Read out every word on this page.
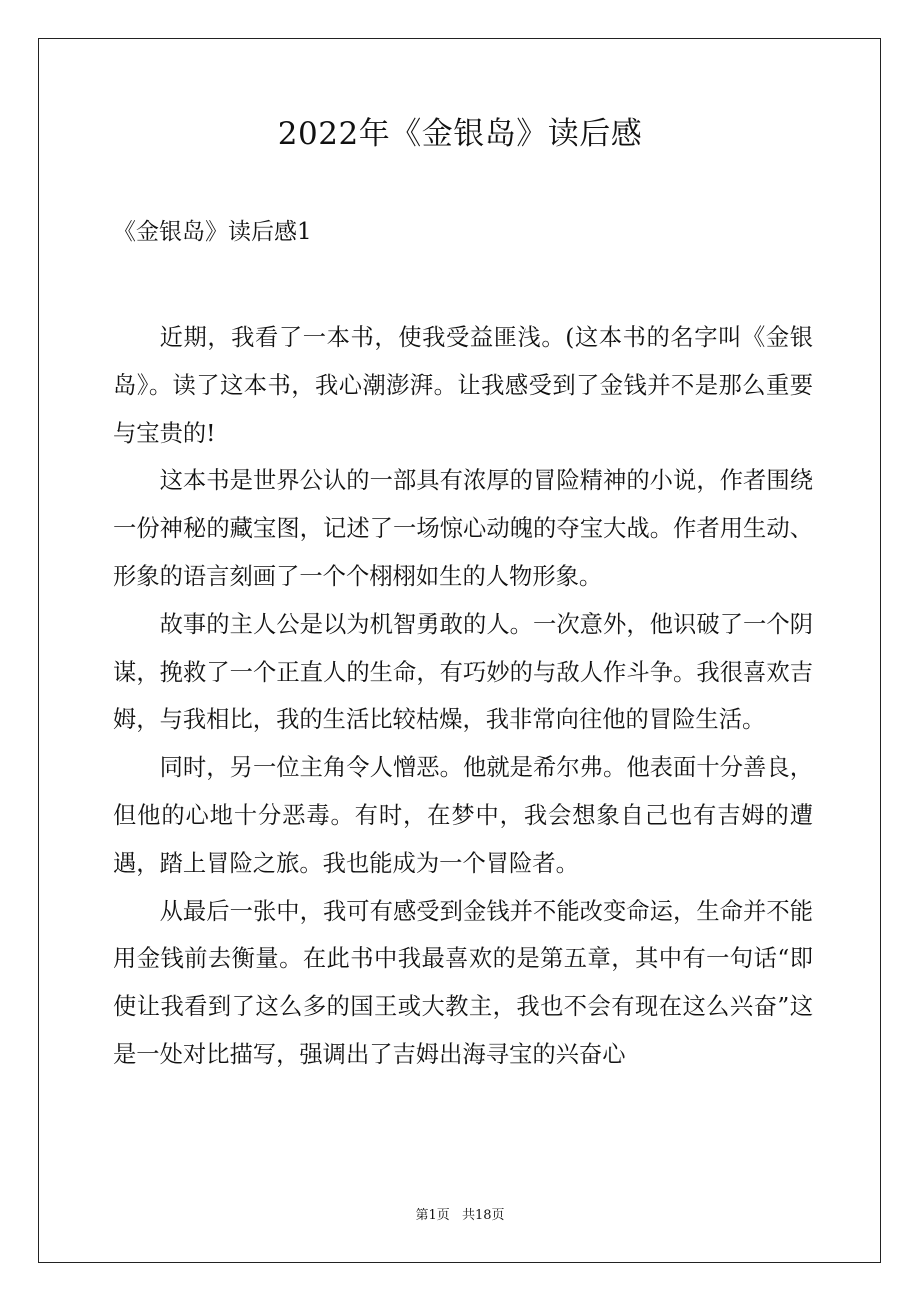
2022年《金银岛》读后感
《金银岛》读后感1

近期，我看了一本书，使我受益匪浅。(这本书的名字叫《金银岛》。读了这本书，我心潮澎湃。让我感受到了金钱并不是那么重要与宝贵的!

这本书是世界公认的一部具有浓厚的冒险精神的小说，作者围绕一份神秘的藏宝图，记述了一场惊心动魄的夺宝大战。作者用生动、形象的语言刻画了一个个栩栩如生的人物形象。

故事的主人公是以为机智勇敢的人。一次意外，他识破了一个阴谋，挽救了一个正直人的生命，有巧妙的与敌人作斗争。我很喜欢吉姆，与我相比，我的生活比较枯燥，我非常向往他的冒险生活。

同时，另一位主角令人憎恶。他就是希尔弗。他表面十分善良，但他的心地十分恶毒。有时，在梦中，我会想象自己也有吉姆的遭遇，踏上冒险之旅。我也能成为一个冒险者。

从最后一张中，我可有感受到金钱并不能改变命运，生命并不能用金钱前去衡量。在此书中我最喜欢的是第五章，其中有一句话“即使让我看到了这么多的国王或大教主，我也不会有现在这么兴奋”这是一处对比描写，强调出了吉姆出海寻宝的兴奋心

第1页 共18页
